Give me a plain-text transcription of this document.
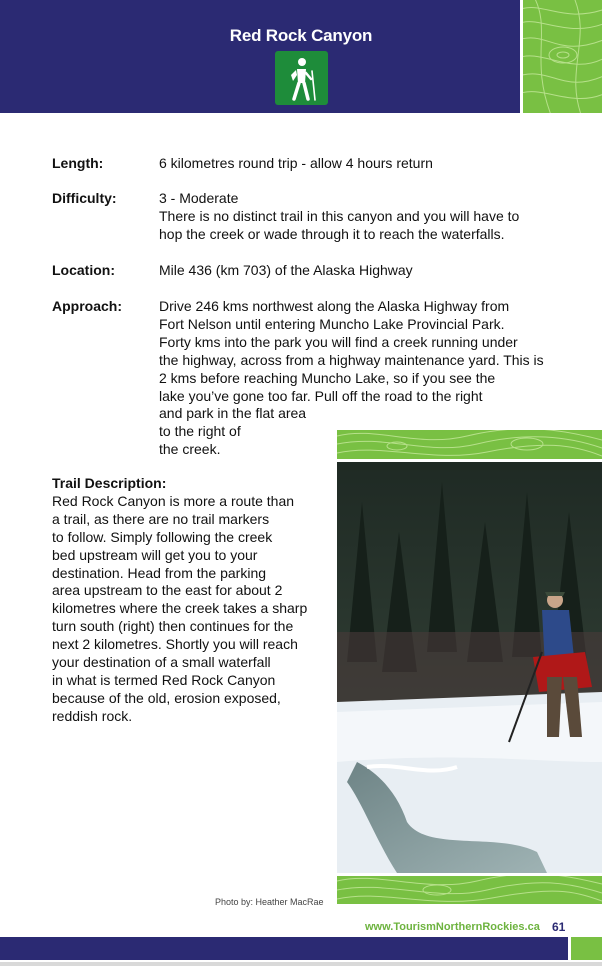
Red Rock Canyon
Length:	6 kilometres round trip - allow 4 hours return
Difficulty:	3 - Moderate
There is no distinct trail in this canyon and you will have to
hop the creek or wade through it to reach the waterfalls.
Location:	Mile 436 (km 703) of the Alaska Highway
Approach:	Drive 246 kms northwest along the Alaska Highway from
Fort Nelson until entering Muncho Lake Provincial Park.
Forty kms into the park you will find a creek running under
the highway, across from a highway maintenance yard. This is
2 kms before reaching Muncho Lake, so if you see the
lake you’ve gone too far. Pull off the road to the right
and park in the flat area
to the right of
the creek.
Trail Description:
Red Rock Canyon is more a route than
a trail, as there are no trail markers
to follow. Simply following the creek
bed upstream will get you to your
destination. Head from the parking
area upstream to the east for about 2
kilometres where the creek takes a sharp
turn south (right) then continues for the
next 2 kilometres. Shortly you will reach
your destination of a small waterfall
in what is termed Red Rock Canyon
because of the old, erosion exposed,
reddish rock.
Photo by: Heather MacRae
www.TourismNorthernRockies.ca 61
